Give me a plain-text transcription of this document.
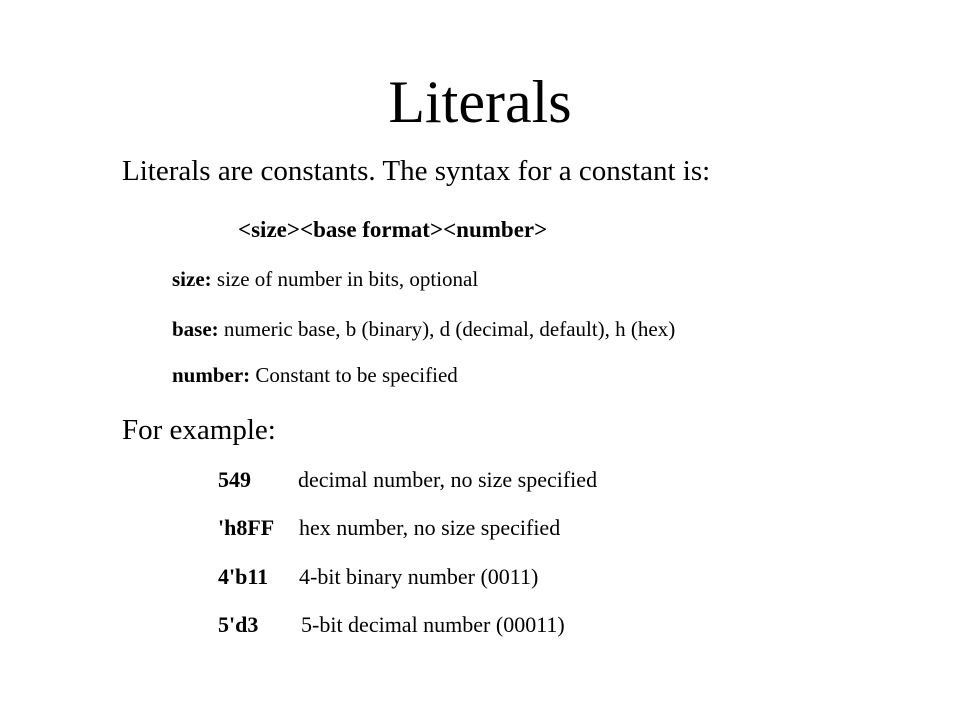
Literals
Literals are constants. The syntax for a constant is:
<size><base format><number>
size: size of number in bits, optional
base: numeric base, b (binary), d (decimal, default), h (hex)
number: Constant to be specified
For example:
549 decimal number, no size specified
'h8FF hex number, no size specified
4'b11 4-bit binary number (0011)
5'd3 5-bit decimal number (00011)
